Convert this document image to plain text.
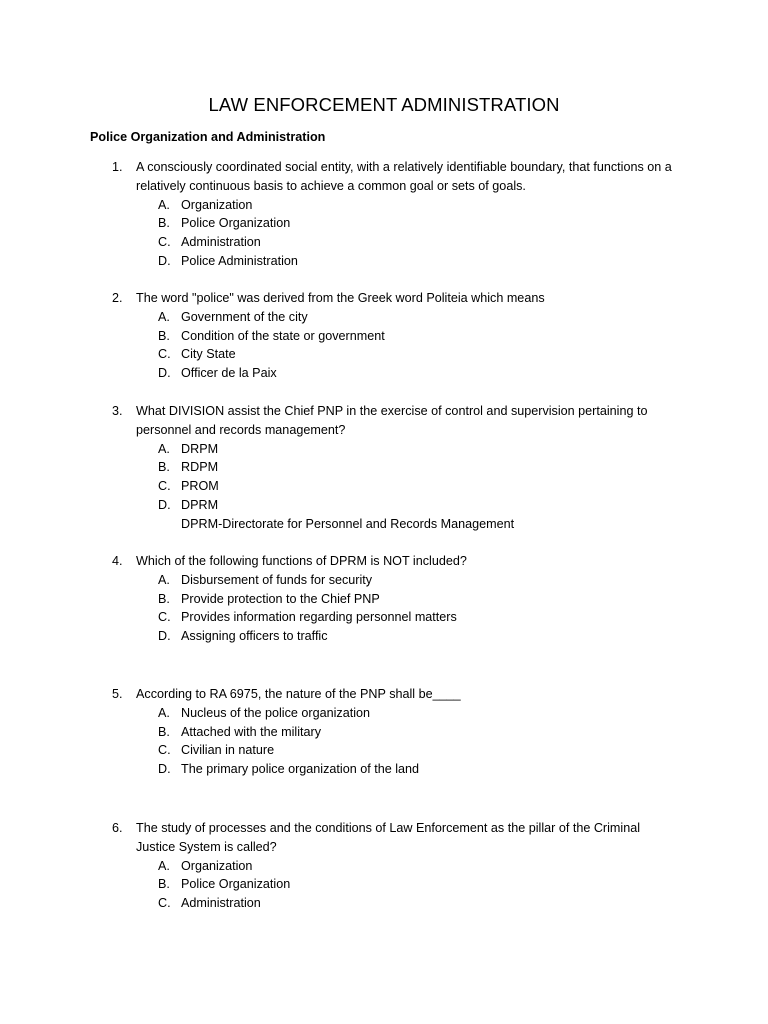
LAW ENFORCEMENT ADMINISTRATION
Police Organization and Administration
1.	A consciously coordinated social entity, with a relatively identifiable boundary, that functions on a relatively continuous basis to achieve a common goal or sets of goals.
A. Organization
B. Police Organization
C. Administration
D. Police Administration
2.	The word "police" was derived from the Greek word Politeia which means
A. Government of the city
B. Condition of the state or government
C. City State
D. Officer de la Paix
3.	What DIVISION assist the Chief PNP in the exercise of control and supervision pertaining to personnel and records management?
A. DRPM
B. RDPM
C. PROM
D. DPRM
DPRM-Directorate for Personnel and Records Management
4.	Which of the following functions of DPRM is NOT included?
A. Disbursement of funds for security
B. Provide protection to the Chief PNP
C. Provides information regarding personnel matters
D. Assigning officers to traffic
5.	According to RA 6975, the nature of the PNP shall be____
A. Nucleus of the police organization
B. Attached with the military
C. Civilian in nature
D. The primary police organization of the land
6.	The study of processes and the conditions of Law Enforcement as the pillar of the Criminal Justice System is called?
A. Organization
B. Police Organization
C. Administration
